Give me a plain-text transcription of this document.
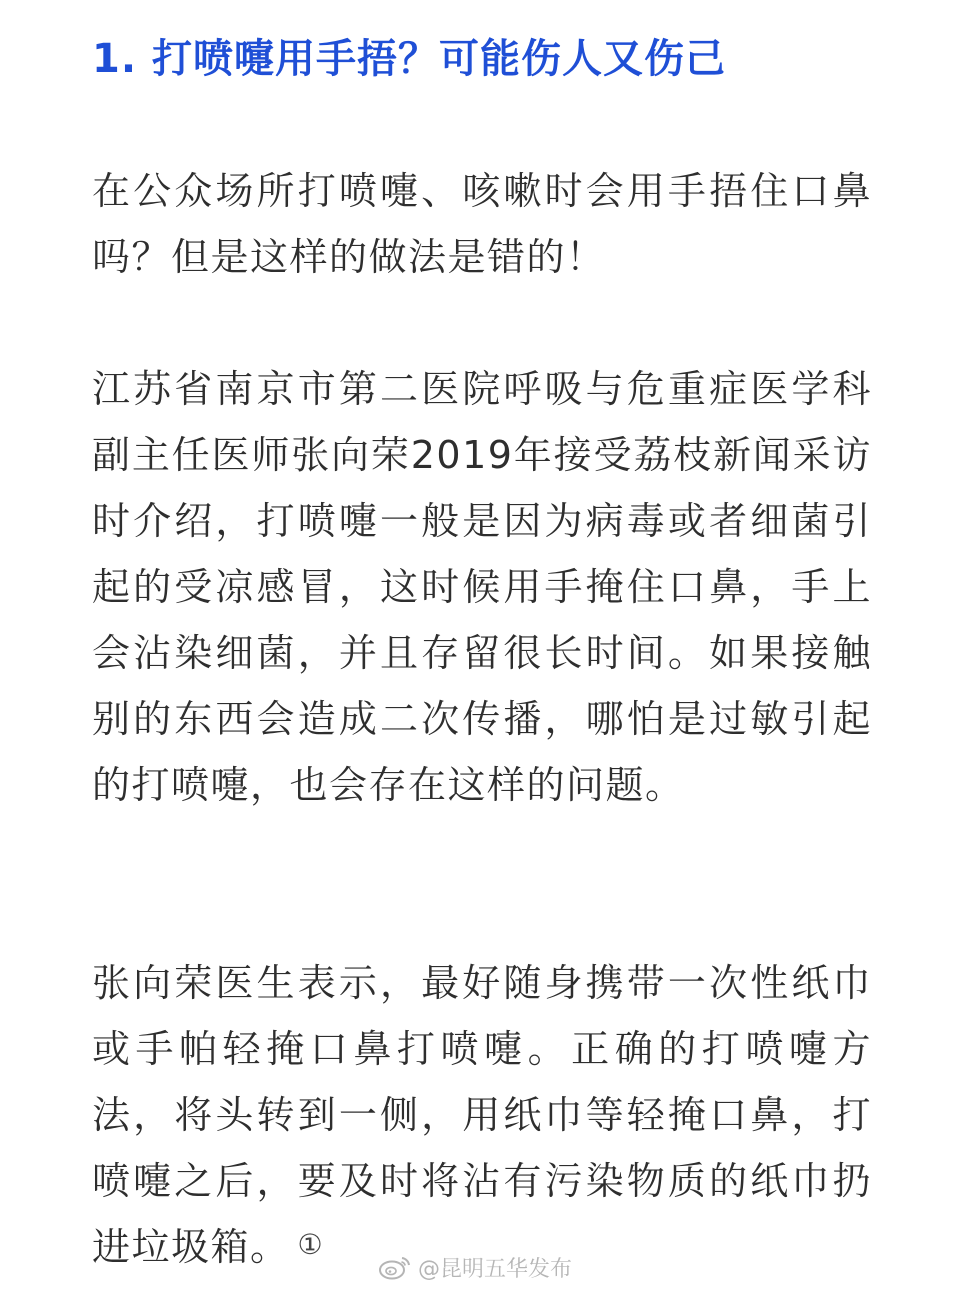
1. 打喷嚏用手捂？可能伤人又伤己

在公众场所打喷嚏、咳嗽时会用手捂住口鼻吗？但是这样的做法是错的！

江苏省南京市第二医院呼吸与危重症医学科副主任医师张向荣2019年接受荔枝新闻采访时介绍，打喷嚏一般是因为病毒或者细菌引起的受凉感冒，这时候用手掩住口鼻，手上会沾染细菌，并且存留很长时间。如果接触别的东西会造成二次传播，哪怕是过敏引起的打喷嚏，也会存在这样的问题。

张向荣医生表示，最好随身携带一次性纸巾或手帕轻掩口鼻打喷嚏。正确的打喷嚏方法，将头转到一侧，用纸巾等轻掩口鼻，打喷嚏之后，要及时将沾有污染物质的纸巾扔进垃圾箱。 ①

@昆明五华发布
